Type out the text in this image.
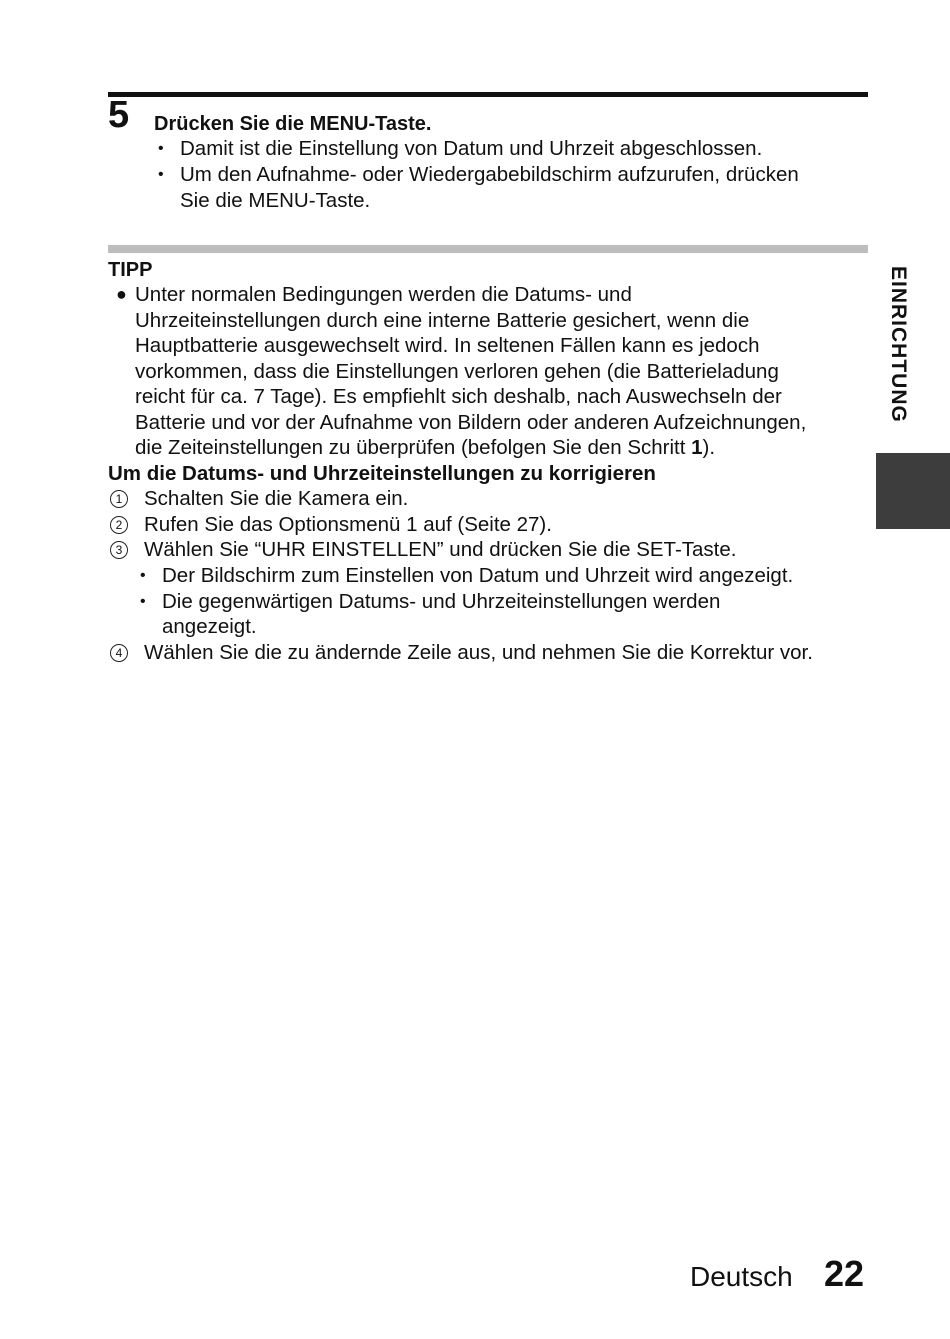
5 Drücken Sie die MENU-Taste.
• Damit ist die Einstellung von Datum und Uhrzeit abgeschlossen.
• Um den Aufnahme- oder Wiedergabebildschirm aufzurufen, drücken
Sie die MENU-Taste.
TIPP
● Unter normalen Bedingungen werden die Datums- und
Uhrzeiteinstellungen durch eine interne Batterie gesichert, wenn die
Hauptbatterie ausgewechselt wird. In seltenen Fällen kann es jedoch
vorkommen, dass die Einstellungen verloren gehen (die Batterieladung
reicht für ca. 7 Tage). Es empfiehlt sich deshalb, nach Auswechseln der
Batterie und vor der Aufnahme von Bildern oder anderen Aufzeichnungen,
die Zeiteinstellungen zu überprüfen (befolgen Sie den Schritt 1).
Um die Datums- und Uhrzeiteinstellungen zu korrigieren
1 Schalten Sie die Kamera ein.
2 Rufen Sie das Optionsmenü 1 auf (Seite 27).
3 Wählen Sie “UHR EINSTELLEN” und drücken Sie die SET-Taste.
• Der Bildschirm zum Einstellen von Datum und Uhrzeit wird angezeigt.
• Die gegenwärtigen Datums- und Uhrzeiteinstellungen werden
angezeigt.
4 Wählen Sie die zu ändernde Zeile aus, und nehmen Sie die Korrektur vor.
EINRICHTUNG
Deutsch 22
